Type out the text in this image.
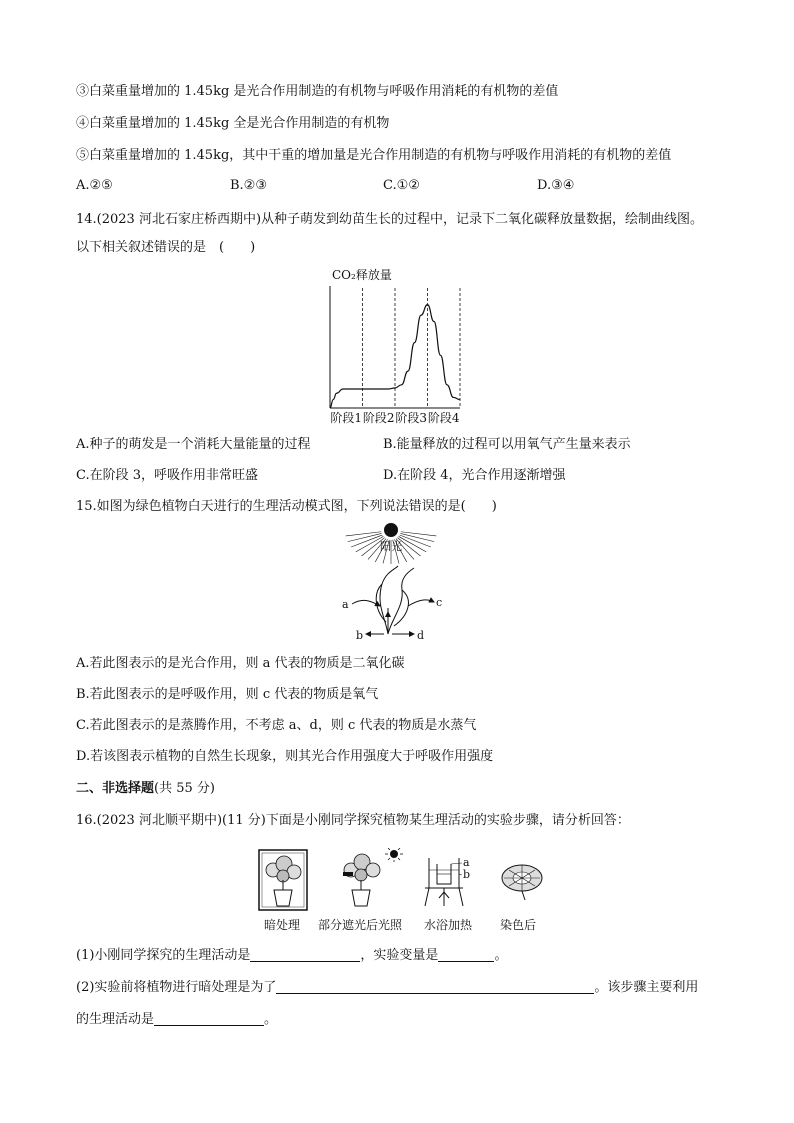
③白菜重量增加的 1.45kg 是光合作用制造的有机物与呼吸作用消耗的有机物的差值
④白菜重量增加的 1.45kg 全是光合作用制造的有机物
⑤白菜重量增加的 1.45kg，其中干重的增加量是光合作用制造的有机物与呼吸作用消耗的有机物的差值
A.②⑤	B.②③	C.①②	D.③④
14.(2023 河北石家庄桥西期中)从种子萌发到幼苗生长的过程中，记录下二氧化碳释放量数据，绘制曲线图。
以下相关叙述错误的是　(　　)
CO₂释放量
阶段1 阶段2 阶段3 阶段4
A.种子的萌发是一个消耗大量能量的过程	B.能量释放的过程可以用氧气产生量来表示
C.在阶段 3，呼吸作用非常旺盛	D.在阶段 4，光合作用逐渐增强
15.如图为绿色植物白天进行的生理活动模式图，下列说法错误的是(　　)
阳光
a
b
c
d
A.若此图表示的是光合作用，则 a 代表的物质是二氧化碳
B.若此图表示的是呼吸作用，则 c 代表的物质是氧气
C.若此图表示的是蒸腾作用，不考虑 a、d，则 c 代表的物质是水蒸气
D.若该图表示植物的自然生长现象，则其光合作用强度大于呼吸作用强度
二、非选择题(共 55 分)
16.(2023 河北顺平期中)(11 分)下面是小刚同学探究植物某生理活动的实验步骤，请分析回答：
a
b
暗处理 部分遮光后光照 水浴加热 染色后
(1)小刚同学探究的生理活动是	，实验变量是	。
(2)实验前将植物进行暗处理是为了	。该步骤主要利用
的生理活动是	。
